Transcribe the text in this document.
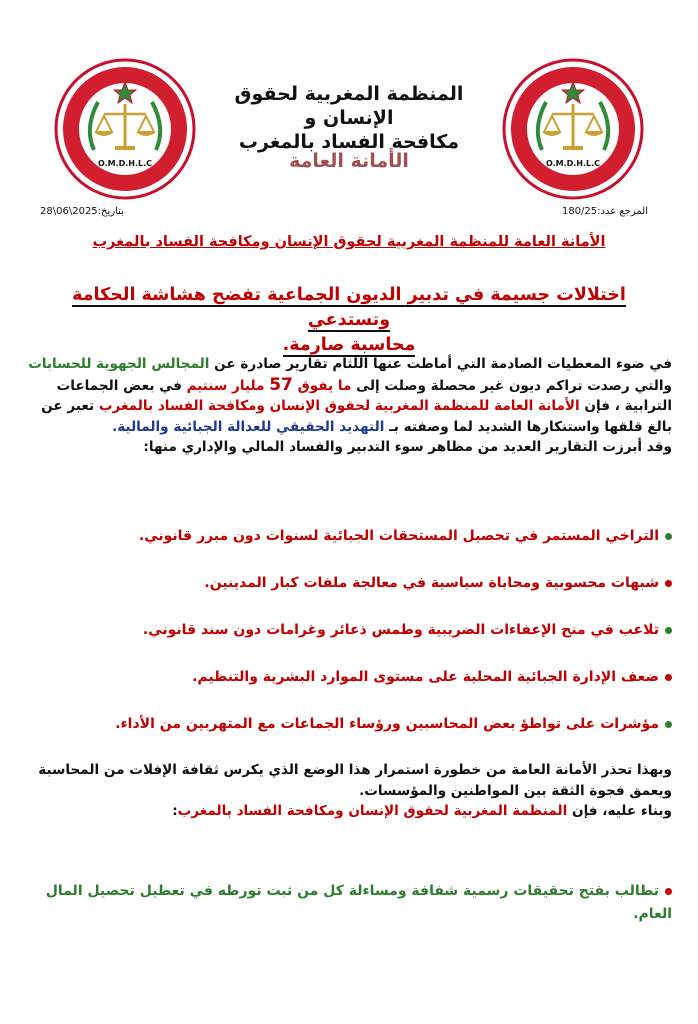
O.M.D.H.L.C	O.M.D.H.L.C
المنظمة المغربية لحقوق الإنسان و
مكافحة الفساد بالمغرب
الأمانة العامة
المرجع عدد:180/25
بتاريخ:2025\06\28
الأمانة العامة للمنظمة المغربية لحقوق الإنسان ومكافحة الفساد بالمغرب
اختلالات جسيمة في تدبير الديون الجماعية تفضح هشاشة الحكامة وتستدعي
محاسبة صارمة.
في ضوء المعطيات الصادمة التي أماطت عنها اللثام تقارير صادرة عن المجالس الجهوية للحسابات والتي رصدت تراكم ديون غير محصلة وصلت إلى ما يفوق 57 مليار سنتيم في بعض الجماعات الترابية ، فإن الأمانة العامة للمنظمة المغربية لحقوق الإنسان ومكافحة الفساد بالمغرب تعبر عن بالغ قلقها واستنكارها الشديد لما وصفته بـ التهديد الحقيقي للعدالة الجبائية والمالية.
وقد أبرزت التقارير العديد من مظاهر سوء التدبير والفساد المالي والإداري منها:
التراخي المستمر في تحصيل المستحقات الجبائية لسنوات دون مبرر قانوني.
شبهات محسوبية ومحاباة سياسية في معالجة ملفات كبار المدينين.
تلاعب في منح الإعفاءات الضريبية وطمس ذعائر وغرامات دون سند قانوني.
ضعف الإدارة الجبائية المحلية على مستوى الموارد البشرية والتنظيم.
مؤشرات على تواطؤ بعض المحاسبين ورؤساء الجماعات مع المتهربين من الأداء.
وبهذا تحذر الأمانة العامة من خطورة استمرار هذا الوضع الذي يكرس ثقافة الإفلات من المحاسبة ويعمق فجوة الثقة بين المواطنين والمؤسسات.
وبناء عليه، فإن المنظمة المغربية لحقوق الإنسان ومكافحة الفساد بالمغرب:
تطالب بفتح تحقيقات رسمية شفافة ومساءلة كل من ثبت تورطه في تعطيل تحصيل المال العام.
